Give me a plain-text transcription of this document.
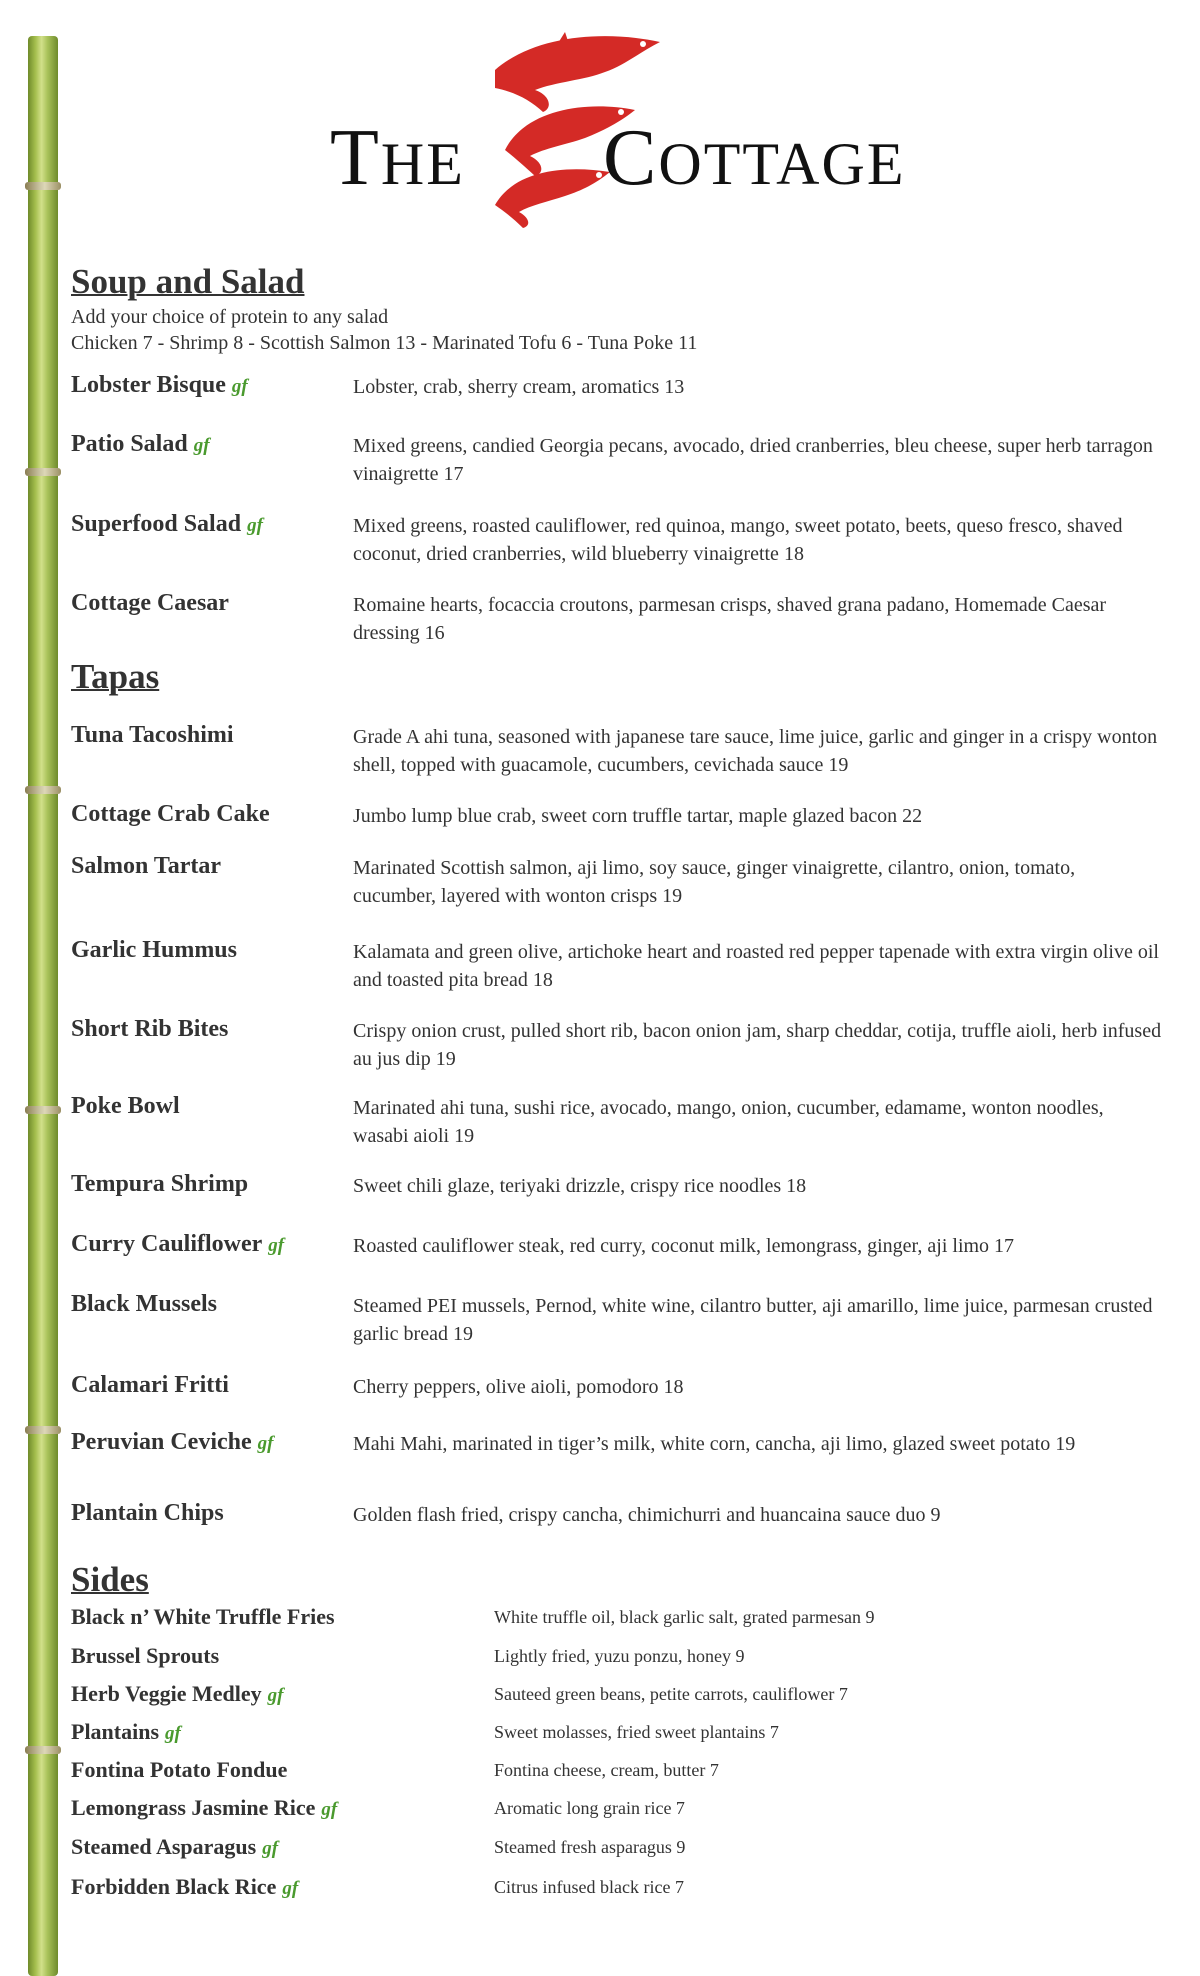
THE COTTAGE
Soup and Salad
Add your choice of protein to any salad
Chicken 7 - Shrimp 8 - Scottish Salmon 13 - Marinated Tofu 6 - Tuna Poke 11
Lobster Bisque gf	Lobster, crab, sherry cream, aromatics 13
Patio Salad gf	Mixed greens, candied Georgia pecans, avocado, dried cranberries, bleu cheese, super herb tarragon vinaigrette 17
Superfood Salad gf	Mixed greens, roasted cauliflower, red quinoa, mango, sweet potato, beets, queso fresco, shaved coconut, dried cranberries, wild blueberry vinaigrette 18
Cottage Caesar	Romaine hearts, focaccia croutons, parmesan crisps, shaved grana padano, Homemade Caesar dressing 16
Tapas
Tuna Tacoshimi	Grade A ahi tuna, seasoned with japanese tare sauce, lime juice, garlic and ginger in a crispy wonton shell, topped with guacamole, cucumbers, cevichada sauce 19
Cottage Crab Cake	Jumbo lump blue crab, sweet corn truffle tartar, maple glazed bacon 22
Salmon Tartar	Marinated Scottish salmon, aji limo, soy sauce, ginger vinaigrette, cilantro, onion, tomato, cucumber, layered with wonton crisps 19
Garlic Hummus	Kalamata and green olive, artichoke heart and roasted red pepper tapenade with extra virgin olive oil and toasted pita bread 18
Short Rib Bites	Crispy onion crust, pulled short rib, bacon onion jam, sharp cheddar, cotija, truffle aioli, herb infused au jus dip 19
Poke Bowl	Marinated ahi tuna, sushi rice, avocado, mango, onion, cucumber, edamame, wonton noodles, wasabi aioli 19
Tempura Shrimp	Sweet chili glaze, teriyaki drizzle, crispy rice noodles 18
Curry Cauliflower gf	Roasted cauliflower steak, red curry, coconut milk, lemongrass, ginger, aji limo 17
Black Mussels	Steamed PEI mussels, Pernod, white wine, cilantro butter, aji amarillo, lime juice, parmesan crusted garlic bread 19
Calamari Fritti	Cherry peppers, olive aioli, pomodoro 18
Peruvian Ceviche gf	Mahi Mahi, marinated in tiger’s milk, white corn, cancha, aji limo, glazed sweet potato 19
Plantain Chips	Golden flash fried, crispy cancha, chimichurri and huancaina sauce duo 9
Sides
Black n’ White Truffle Fries	White truffle oil, black garlic salt, grated parmesan 9
Brussel Sprouts	Lightly fried, yuzu ponzu, honey 9
Herb Veggie Medley gf	Sauteed green beans, petite carrots, cauliflower 7
Plantains gf	Sweet molasses, fried sweet plantains 7
Fontina Potato Fondue	Fontina cheese, cream, butter 7
Lemongrass Jasmine Rice gf	Aromatic long grain rice 7
Steamed Asparagus gf	Steamed fresh asparagus 9
Forbidden Black Rice gf	Citrus infused black rice 7
